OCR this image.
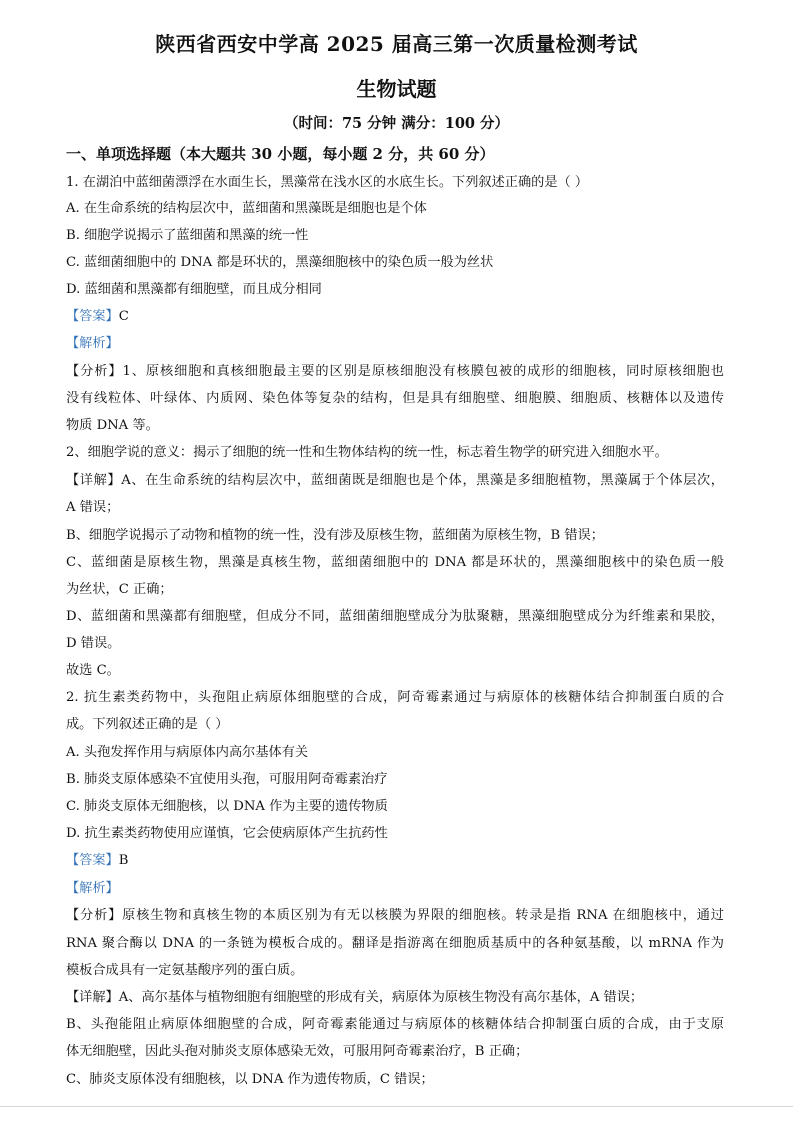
陕西省西安中学高 2025 届高三第一次质量检测考试
生物试题
（时间：75 分钟 满分：100 分）
一、单项选择题（本大题共 30 小题，每小题 2 分，共 60 分）
1. 在湖泊中蓝细菌漂浮在水面生长，黑藻常在浅水区的水底生长。下列叙述正确的是（ ）
A. 在生命系统的结构层次中，蓝细菌和黑藻既是细胞也是个体
B. 细胞学说揭示了蓝细菌和黑藻的统一性
C. 蓝细菌细胞中的 DNA 都是环状的，黑藻细胞核中的染色质一般为丝状
D. 蓝细菌和黑藻都有细胞壁，而且成分相同
【答案】C
【解析】
【分析】1、原核细胞和真核细胞最主要的区别是原核细胞没有核膜包被的成形的细胞核，同时原核细胞也
没有线粒体、叶绿体、内质网、染色体等复杂的结构，但是具有细胞壁、细胞膜、细胞质、核糖体以及遗传
物质 DNA 等。
2、细胞学说的意义：揭示了细胞的统一性和生物体结构的统一性，标志着生物学的研究进入细胞水平。
【详解】A、在生命系统的结构层次中，蓝细菌既是细胞也是个体，黑藻是多细胞植物，黑藻属于个体层次，
A 错误；
B、细胞学说揭示了动物和植物的统一性，没有涉及原核生物，蓝细菌为原核生物，B 错误；
C、蓝细菌是原核生物，黑藻是真核生物，蓝细菌细胞中的 DNA 都是环状的，黑藻细胞核中的染色质一般
为丝状，C 正确；
D、蓝细菌和黑藻都有细胞壁，但成分不同，蓝细菌细胞壁成分为肽聚糖，黑藻细胞壁成分为纤维素和果胶，
D 错误。
故选 C。
2. 抗生素类药物中，头孢阻止病原体细胞壁的合成，阿奇霉素通过与病原体的核糖体结合抑制蛋白质的合
成。下列叙述正确的是（ ）
A. 头孢发挥作用与病原体内高尔基体有关
B. 肺炎支原体感染不宜使用头孢，可服用阿奇霉素治疗
C. 肺炎支原体无细胞核，以 DNA 作为主要的遗传物质
D. 抗生素类药物使用应谨慎，它会使病原体产生抗药性
【答案】B
【解析】
【分析】原核生物和真核生物的本质区别为有无以核膜为界限的细胞核。转录是指 RNA 在细胞核中，通过
RNA 聚合酶以 DNA 的一条链为模板合成的。翻译是指游离在细胞质基质中的各种氨基酸，以 mRNA 作为
模板合成具有一定氨基酸序列的蛋白质。
【详解】A、高尔基体与植物细胞有细胞壁的形成有关，病原体为原核生物没有高尔基体，A 错误；
B、头孢能阻止病原体细胞壁的合成，阿奇霉素能通过与病原体的核糖体结合抑制蛋白质的合成，由于支原
体无细胞壁，因此头孢对肺炎支原体感染无效，可服用阿奇霉素治疗，B 正确；
C、肺炎支原体没有细胞核，以 DNA 作为遗传物质，C 错误；
